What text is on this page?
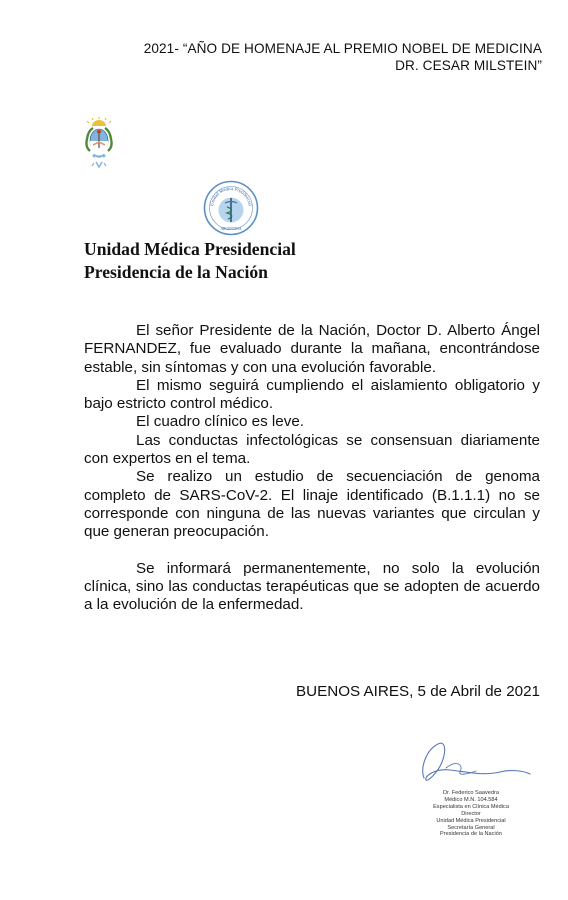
2021- “AÑO DE HOMENAJE AL PREMIO NOBEL DE MEDICINA
DR. CESAR MILSTEIN”
Unidad Médica Presidencial
ARGENTINA
Unidad Médica Presidencial
Presidencia de la Nación

El señor Presidente de la Nación, Doctor D. Alberto Ángel FERNANDEZ, fue evaluado durante la mañana, encontrándose estable, sin síntomas y con una evolución favorable.

El mismo seguirá cumpliendo el aislamiento obligatorio y bajo estricto control médico.

El cuadro clínico es leve.

Las conductas infectológicas se consensuan diariamente con expertos en el tema.

Se realizo un estudio de secuenciación de genoma completo de SARS-CoV-2. El linaje identificado (B.1.1.1) no se corresponde con ninguna de las nuevas variantes que circulan y que generan preocupación.

Se informará permanentemente, no solo la evolución clínica, sino las conductas terapéuticas que se adopten de acuerdo a la evolución de la enfermedad.

BUENOS AIRES, 5 de Abril de 2021
Dr. Federico Saavedra
Médico M.N. 104.584
Especialista en Clínica Médica
Director
Unidad Médica Presidencial
Secretaría General
Presidencia de la Nación
